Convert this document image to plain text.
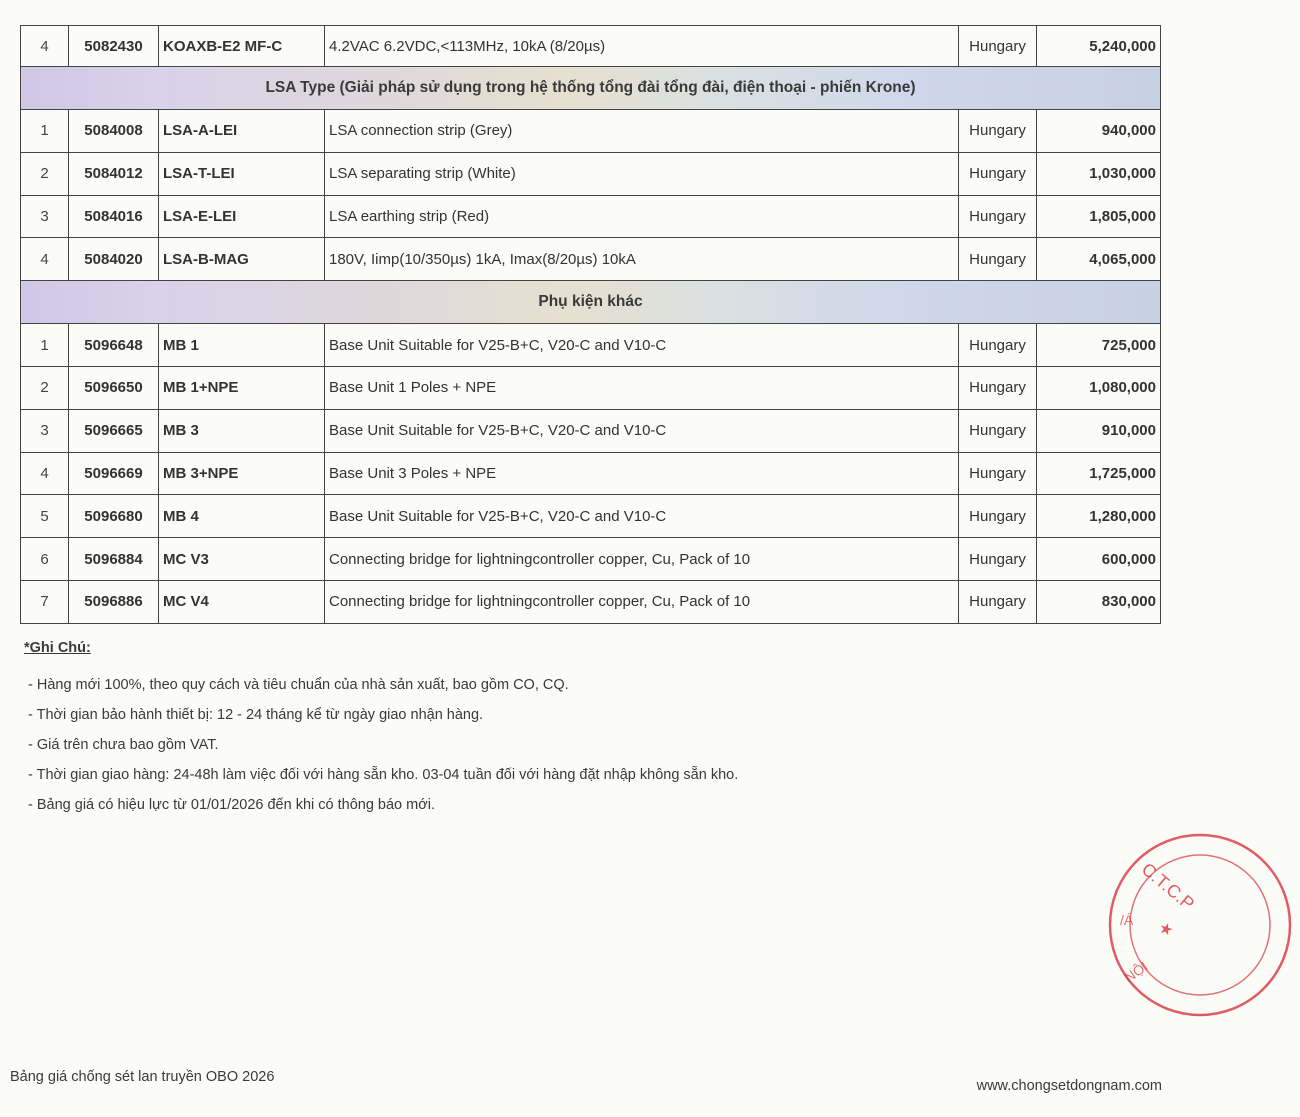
4	5082430	KOAXB-E2 MF-C	4.2VAC 6.2VDC,<113MHz, 10kA (8/20µs)	Hungary	5,240,000
LSA Type (Giải pháp sử dụng trong hệ thống tổng đài tổng đài, điện thoại - phiến Krone)					
1	5084008	LSA-A-LEI	LSA connection strip (Grey)	Hungary	940,000
2	5084012	LSA-T-LEI	LSA separating strip (White)	Hungary	1,030,000
3	5084016	LSA-E-LEI	LSA earthing strip (Red)	Hungary	1,805,000
4	5084020	LSA-B-MAG	180V, Iimp(10/350µs) 1kA, Imax(8/20µs) 10kA	Hungary	4,065,000
Phụ kiện khác					
1	5096648	MB 1	Base Unit Suitable for V25-B+C, V20-C and V10-C	Hungary	725,000
2	5096650	MB 1+NPE	Base Unit 1 Poles + NPE	Hungary	1,080,000
3	5096665	MB 3	Base Unit Suitable for V25-B+C, V20-C and V10-C	Hungary	910,000
4	5096669	MB 3+NPE	Base Unit 3 Poles + NPE	Hungary	1,725,000
5	5096680	MB 4	Base Unit Suitable for V25-B+C, V20-C and V10-C	Hungary	1,280,000
6	5096884	MC V3	Connecting bridge for lightningcontroller copper, Cu, Pack of 10	Hungary	600,000
7	5096886	MC V4	Connecting bridge for lightningcontroller copper, Cu, Pack of 10	Hungary	830,000
*Ghi Chú:
- Hàng mới 100%, theo quy cách và tiêu chuẩn của nhà sản xuất, bao gồm CO, CQ.
- Thời gian bảo hành thiết bị: 12 - 24 tháng kể từ ngày giao nhận hàng.
- Giá trên chưa bao gồm VAT.
- Thời gian giao hàng: 24-48h làm việc đối với hàng sẵn kho. 03-04 tuần đối với hàng đặt nhập không sẵn kho.
- Bảng giá có hiệu lực từ 01/01/2026 đến khi có thông báo mới.
C.T.C.P
★
/Á
NỘI
Bảng giá chống sét lan truyền OBO 2026
www.chongsetdongnam.com
